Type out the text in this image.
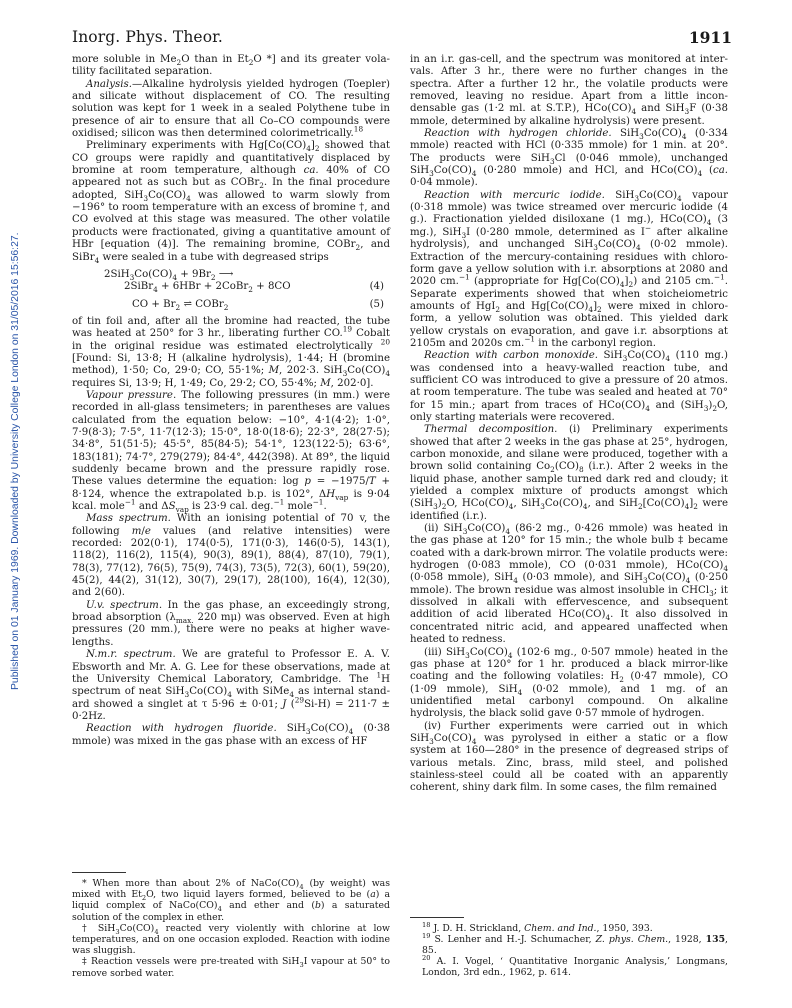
Inorg. Phys. Theor.	1911
Published on 01 January 1969. Downloaded by University College London on 31/05/2016 15:56:27.

more soluble in $Me_2O$ than in $Et_2O$ *] and its greater volatility facilitated separation.

Analysis.—Alkaline hydrolysis yielded hydrogen (Toepler) and silicate without displacement of CO. The resulting solution was kept for 1 week in a sealed Polythene tube in presence of air to ensure that all Co–CO compounds were oxidised; silicon was then determined colorimetrically.$^{18}$

Preliminary experiments with $Hg[Co(CO)_4]_2$ showed that CO groups were rapidly and quantitatively displaced by bromine at room temperature, although ca. 40% of CO appeared not as such but as COBr$_2$. In the final procedure adopted, $SiH_3Co(CO)_4$ was allowed to warm slowly from −196° to room temperature with an excess of bromine †, and CO evolved at this stage was measured. The other volatile products were fractionated, giving a quantitative amount of HBr [equation (4)]. The remaining bromine, COBr$_2$, and SiBr$_4$ were sealed in a tube with degreased strips

$2SiH_3Co(CO)_4 + 9Br_2$ ⟶
2SiBr$_4$ + 6HBr + 2CoBr$_2$ + 8CO	(4)
CO + $Br_2$ ⇌ COBr$_2$	(5)

of tin foil and, after all the bromine had reacted, the tube was heated at 250° for 3 hr., liberating further CO.$^{19}$ Cobalt in the original residue was estimated electrolytically $^{20}$ [Found: Si, 13·8; H (alkaline hydrolysis), 1·44; H (bromine method), 1·50; Co, 29·0; CO, 55·1%; M, 202·3. $SiH_3Co(CO)_4$ requires Si, 13·9; H, 1·49; Co, 29·2; CO, 55·4%; M, 202·0].

Vapour pressure. The following pressures (in mm.) were recorded in all-glass tensimeters; in parentheses are values calculated from the equation below: −10°, 4·1(4·2); 1·0°, 7·9(8·3); 7·5°, 11·7(12·3); 15·0°, 18·0(18·6); 22·3°, 28(27·5); 34·8°, 51(51·5); 45·5°, 85(84·5); 54·1°, 123(122·5); 63·6°, 183(181); 74·7°, 279(279); 84·4°, 442(398). At 89°, the liquid suddenly became brown and the pressure rapidly rose. These values determine the equation: log p = −1975/T + 8·124, whence the extrapolated b.p. is 102°, $\Delta H_{vap}$ is 9·04 kcal. mole$^{-1}$ and $\Delta S_{vap}$ is 23·9 cal. deg.$^{-1}$ mole$^{-1}$.

Mass spectrum. With an ionising potential of 70 v, the following m/e values (and relative intensities) were recorded: 202(0·1), 174(0·5), 171(0·3), 146(0·5), 143(1), 118(2), 116(2), 115(4), 90(3), 89(1), 88(4), 87(10), 79(1), 78(3), 77(12), 76(5), 75(9), 74(3), 73(5), 72(3), 60(1), 59(20), 45(2), 44(2), 31(12), 30(7), 29(17), 28(100), 16(4), 12(30), and 2(60).

U.v. spectrum. In the gas phase, an exceedingly strong, broad absorption ($\lambda_{max.}$ 220 mμ) was observed. Even at high pressures (20 mm.), there were no peaks at higher wavelengths.

N.m.r. spectrum. We are grateful to Professor E. A. V. Ebsworth and Mr. A. G. Lee for these observations, made at the University Chemical Laboratory, Cambridge. The $^1$H spectrum of neat $SiH_3Co(CO)_4$ with SiMe$_4$ as internal standard showed a singlet at τ 5·96 ± 0·01; J ($^{29}$Si-H) = 211·7 ± 0·2Hz.

Reaction with hydrogen fluoride. $SiH_3Co(CO)_4$ (0·38 mmole) was mixed in the gas phase with an excess of HF

* When more than about 2% of $NaCo(CO)_4$ (by weight) was mixed with $Et_2O$, two liquid layers formed, believed to be (a) a liquid complex of $NaCo(CO)_4$ and ether and (b) a saturated solution of the complex in ether.

† $SiH_3Co(CO)_4$ reacted very violently with chlorine at low temperatures, and on one occasion exploded. Reaction with iodine was sluggish.

‡ Reaction vessels were pre-treated with SiH$_3$I vapour at 50° to remove sorbed water.

in an i.r. gas-cell, and the spectrum was monitored at intervals. After 3 hr., there were no further changes in the spectra. After a further 12 hr., the volatile products were removed, leaving no residue. Apart from a little incondensable gas (1·2 ml. at S.T.P.), $HCo(CO)_4$ and SiH$_3$F (0·38 mmole, determined by alkaline hydrolysis) were present.

Reaction with hydrogen chloride. $SiH_3Co(CO)_4$ (0·334 mmole) reacted with HCl (0·335 mmole) for 1 min. at 20°. The products were SiH$_3$Cl (0·046 mmole), unchanged $SiH_3Co(CO)_4$ (0·280 mmole) and HCl, and $HCo(CO)_4$ (ca. 0·04 mmole).

Reaction with mercuric iodide. $SiH_3Co(CO)_4$ vapour (0·318 mmole) was twice streamed over mercuric iodide (4 g.). Fractionation yielded disiloxane (1 mg.), $HCo(CO)_4$ (3 mg.), SiH$_3$I (0·280 mmole, determined as I− after alkaline hydrolysis), and unchanged $SiH_3Co(CO)_4$ (0·02 mmole). Extraction of the mercury-containing residues with chloroform gave a yellow solution with i.r. absorptions at 2080 and 2020 cm.$^{-1}$ (appropriate for $Hg[Co(CO)_4]_2$) and 2105 cm.$^{-1}$. Separate experiments showed that when stoicheiometric amounts of HgI$_2$ and $Hg[Co(CO)_4]_2$ were mixed in chloroform, a yellow solution was obtained. This yielded dark yellow crystals on evaporation, and gave i.r. absorptions at 2105m and 2020s cm.$^{-1}$ in the carbonyl region.

Reaction with carbon monoxide. $SiH_3Co(CO)_4$ (110 mg.) was condensed into a heavy-walled reaction tube, and sufficient CO was introduced to give a pressure of 20 atmos. at room temperature. The tube was sealed and heated at 70° for 15 min.; apart from traces of $HCo(CO)_4$ and $(SiH_3)_2O$, only starting materials were recovered.

Thermal decomposition. (i) Preliminary experiments showed that after 2 weeks in the gas phase at 25°, hydrogen, carbon monoxide, and silane were produced, together with a brown solid containing $Co_2(CO)_8$ (i.r.). After 2 weeks in the liquid phase, another sample turned dark red and cloudy; it yielded a complex mixture of products amongst which $(SiH_3)_2O$, $HCo(CO)_4$, $SiH_3Co(CO)_4$, and $SiH_2[Co(CO)_4]_2$ were identified (i.r.).

(ii) $SiH_3Co(CO)_4$ (86·2 mg., 0·426 mmole) was heated in the gas phase at 120° for 15 min.; the whole bulb ‡ became coated with a dark-brown mirror. The volatile products were: hydrogen (0·083 mmole), CO (0·031 mmole), $HCo(CO)_4$ (0·058 mmole), SiH$_4$ (0·03 mmole), and $SiH_3Co(CO)_4$ (0·250 mmole). The brown residue was almost insoluble in CHCl$_3$; it dissolved in alkali with effervescence, and subsequent addition of acid liberated $HCo(CO)_4$. It also dissolved in concentrated nitric acid, and appeared unaffected when heated to redness.

(iii) $SiH_3Co(CO)_4$ (102·6 mg., 0·507 mmole) heated in the gas phase at 120° for 1 hr. produced a black mirror-like coating and the following volatiles: $H_2$ (0·47 mmole), CO (1·09 mmole), SiH$_4$ (0·02 mmole), and 1 mg. of an unidentified metal carbonyl compound. On alkaline hydrolysis, the black solid gave 0·57 mmole of hydrogen.

(iv) Further experiments were carried out in which $SiH_3Co(CO)_4$ was pyrolysed in either a static or a flow system at 160—280° in the presence of degreased strips of various metals. Zinc, brass, mild steel, and polished stainless-steel could all be coated with an apparently coherent, shiny dark film. In some cases, the film remained

$^{18}$ J. D. H. Strickland, Chem. and Ind., 1950, 393.

$^{19}$ S. Lenher and H.-J. Schumacher, Z. phys. Chem., 1928, 135, 85.

$^{20}$ A. I. Vogel, ‘ Quantitative Inorganic Analysis,’ Longmans, London, 3rd edn., 1962, p. 614.
